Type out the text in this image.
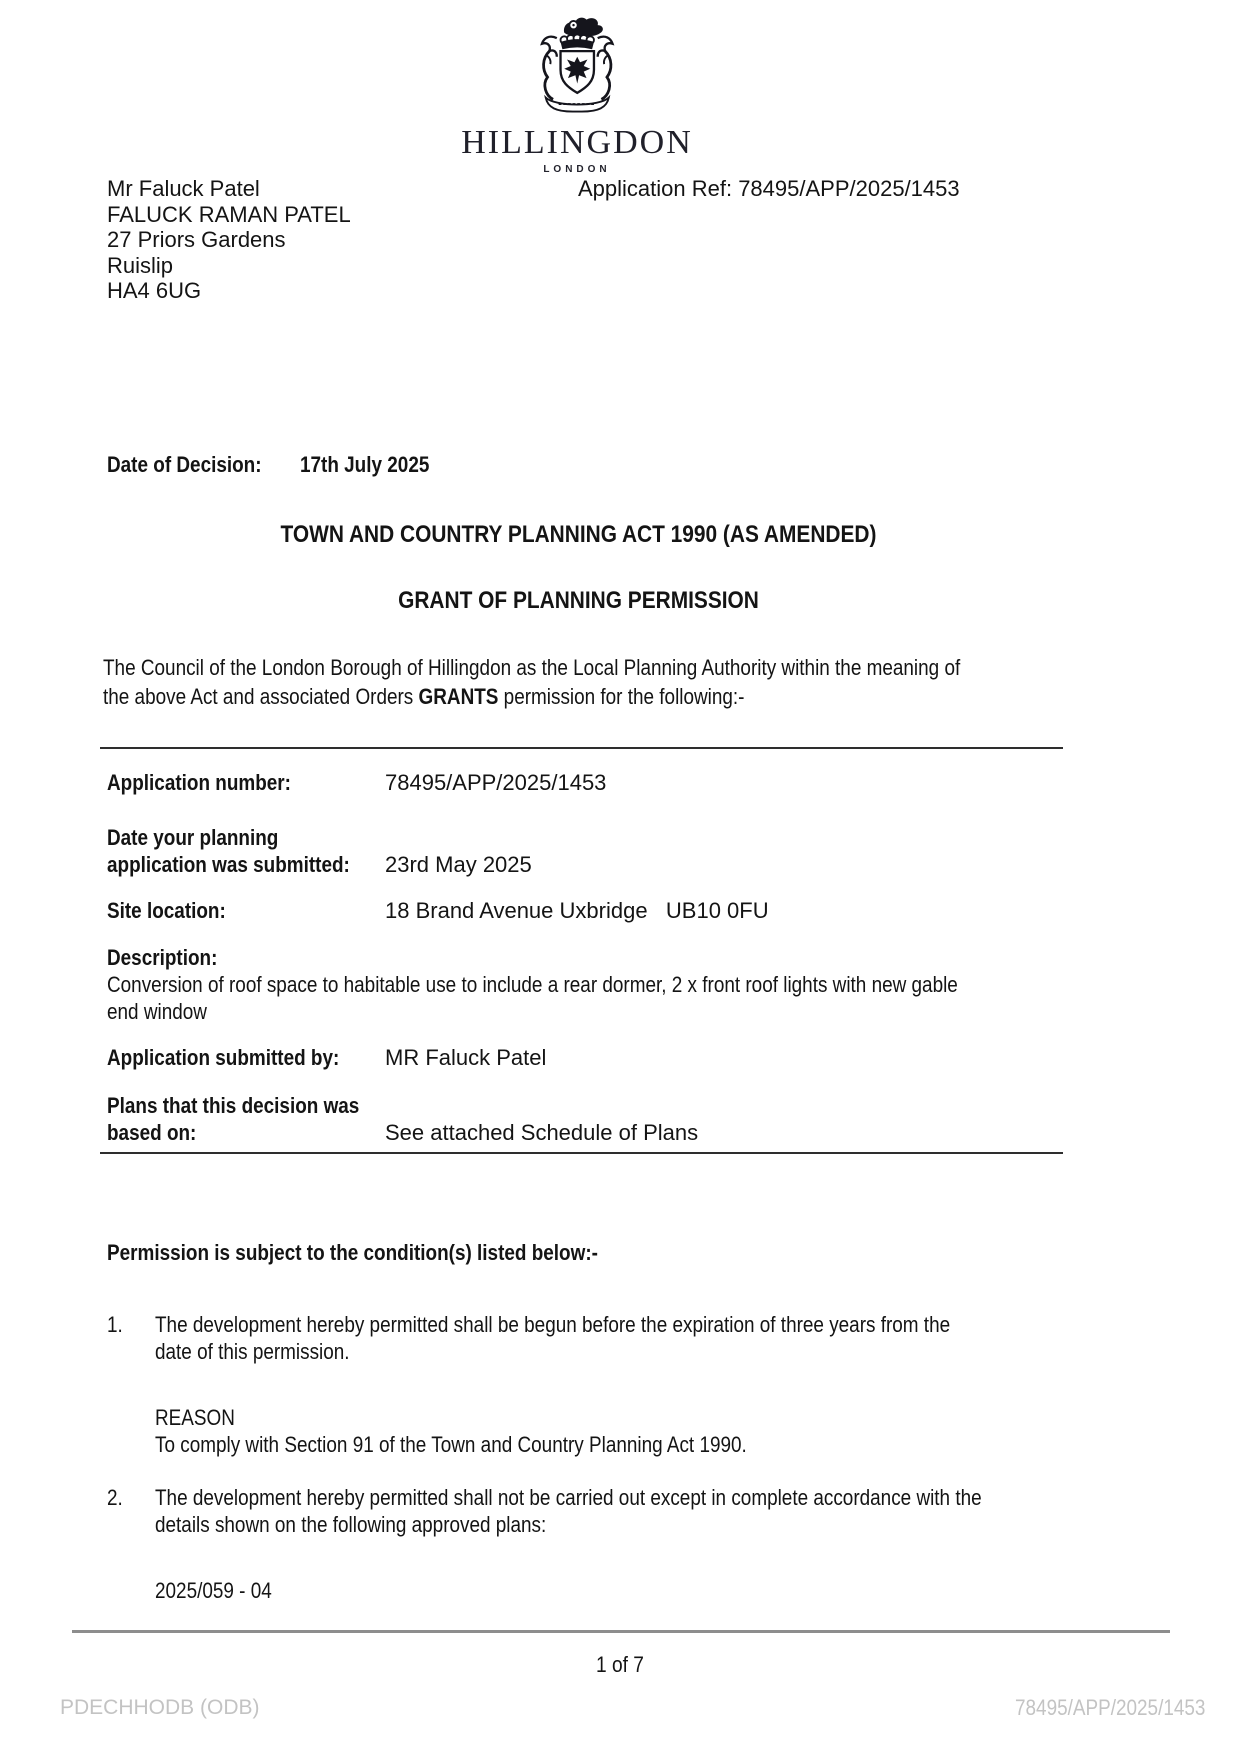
HILLINGDON
LONDON
Mr Faluck Patel
FALUCK RAMAN PATEL
27 Priors Gardens
Ruislip
HA4 6UG
Application Ref: 78495/APP/2025/1453
Date of Decision: 17th July 2025
TOWN AND COUNTRY PLANNING ACT 1990 (AS AMENDED)
GRANT OF PLANNING PERMISSION
The Council of the London Borough of Hillingdon as the Local Planning Authority within the meaning of
the above Act and associated Orders GRANTS permission for the following:-
Application number:	78495/APP/2025/1453
Date your planning
application was submitted: 23rd May 2025
Site location:	18 Brand Avenue Uxbridge   UB10 0FU
Description:
Conversion of roof space to habitable use to include a rear dormer, 2 x front roof lights with new gable
end window
Application submitted by: MR Faluck Patel
Plans that this decision was
based on:	See attached Schedule of Plans
Permission is subject to the condition(s) listed below:-
1. The development hereby permitted shall be begun before the expiration of three years from the
date of this permission.
REASON
To comply with Section 91 of the Town and Country Planning Act 1990.
2. The development hereby permitted shall not be carried out except in complete accordance with the
details shown on the following approved plans:
2025/059 - 04
1 of 7
PDECHHODB (ODB)	78495/APP/2025/1453
